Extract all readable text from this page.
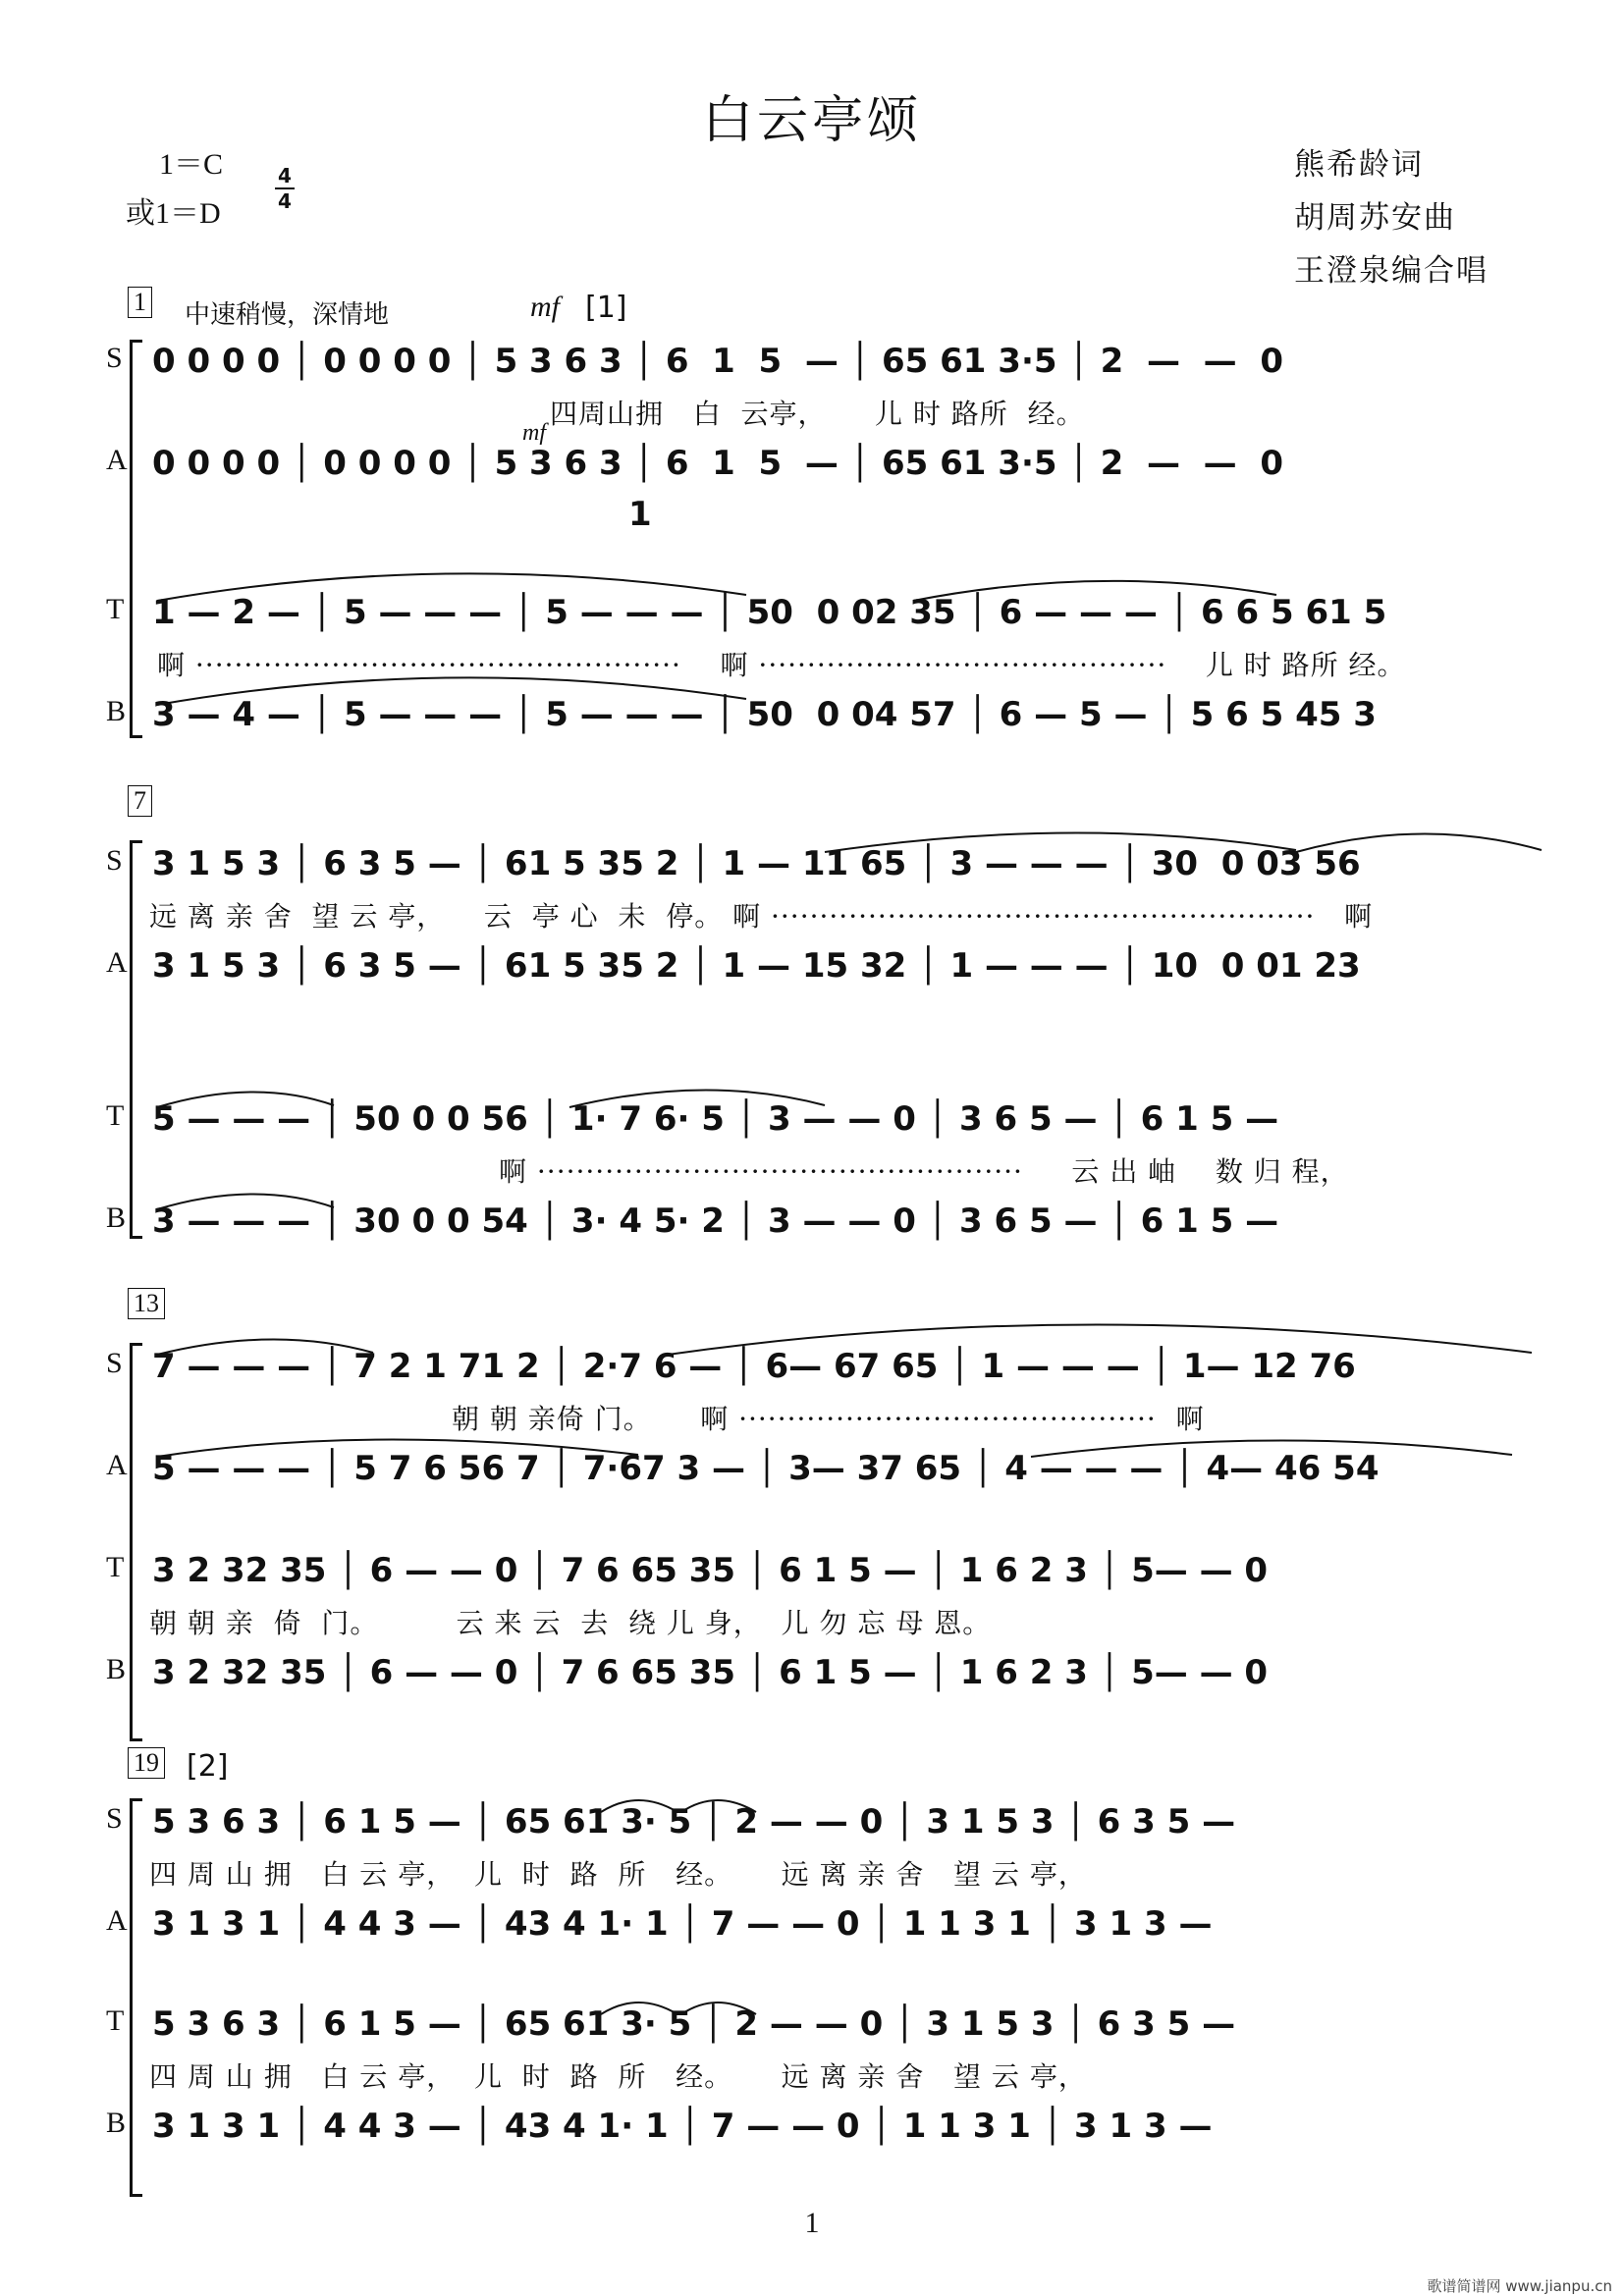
白云亭颂
1＝C
或1＝D
4
4
熊希龄词
胡周苏安曲
王澄泉编合唱
1 中速稍慢，深情地	mf [1]
mf
S 0 0 0 0 │ 0 0 0 0 │ 5 3 6 3 │ 6  1  5  — │ 65 61 3·5 │ 2  —  —  0
四周山拥   白  云亭，     儿 时 路所  经。
A 0 0 0 0 │ 0 0 0 0 │ 5 3 6 3 │ 6  1  5  — │ 65 61 3·5 │ 2  —  —  0
1
T 1 — 2 — │ 5 — — — │ 5 — — — │ 50  0 02 35 │ 6 — — — │ 6 6 5 61 5
啊 ··················································    啊 ··········································    儿 时 路所 经。
B 3 — 4 — │ 5 — — — │ 5 — — — │ 50  0 04 57 │ 6 — 5 — │ 5 6 5 45 3
7
S 3 1 5 3 │ 6 3 5 — │ 61 5 35 2 │ 1 — 11 65 │ 3 — — — │ 30  0 03 56
远 离 亲 舍  望 云 亭，    云  亭 心  未  停。 啊 ························································   啊
A 3 1 5 3 │ 6 3 5 — │ 61 5 35 2 │ 1 — 15 32 │ 1 — — — │ 10  0 01 23
T 5 — — — │ 50 0 0 56 │ 1· 7 6· 5 │ 3 — — 0 │ 3 6 5 — │ 6 1 5 —
啊 ··················································     云 出 岫    数 归 程，
B 3 — — — │ 30 0 0 54 │ 3· 4 5· 2 │ 3 — — 0 │ 3 6 5 — │ 6 1 5 —
13
S 7 — — — │ 7 2 1 71 2 │ 2·7 6 — │ 6— 67 65 │ 1 — — — │ 1— 12 76
朝 朝 亲倚 门。     啊 ···········································  啊
A 5 — — — │ 5 7 6 56 7 │ 7·67 3 — │ 3— 37 65 │ 4 — — — │ 4— 46 54
T 3 2 32 35 │ 6 — — 0 │ 7 6 65 35 │ 6 1 5 — │ 1 6 2 3 │ 5— — 0
朝 朝 亲  倚  门。        云 来 云  去  绕 儿 身，  儿 勿 忘 母 恩。
B 3 2 32 35 │ 6 — — 0 │ 7 6 65 35 │ 6 1 5 — │ 1 6 2 3 │ 5— — 0
19 [2]
S 5 3 6 3 │ 6 1 5 — │ 65 61 3· 5 │ 2 — — 0 │ 3 1 5 3 │ 6 3 5 —
四 周 山 拥   白 云 亭，  儿  时  路  所   经。     远 离 亲 舍   望 云 亭，
A 3 1 3 1 │ 4 4 3 — │ 43 4 1· 1 │ 7 — — 0 │ 1 1 3 1 │ 3 1 3 —
T 5 3 6 3 │ 6 1 5 — │ 65 61 3· 5 │ 2 — — 0 │ 3 1 5 3 │ 6 3 5 —
四 周 山 拥   白 云 亭，  儿  时  路  所   经。     远 离 亲 舍   望 云 亭，
B 3 1 3 1 │ 4 4 3 — │ 43 4 1· 1 │ 7 — — 0 │ 1 1 3 1 │ 3 1 3 —
1
歌谱简谱网 www.jianpu.cn
